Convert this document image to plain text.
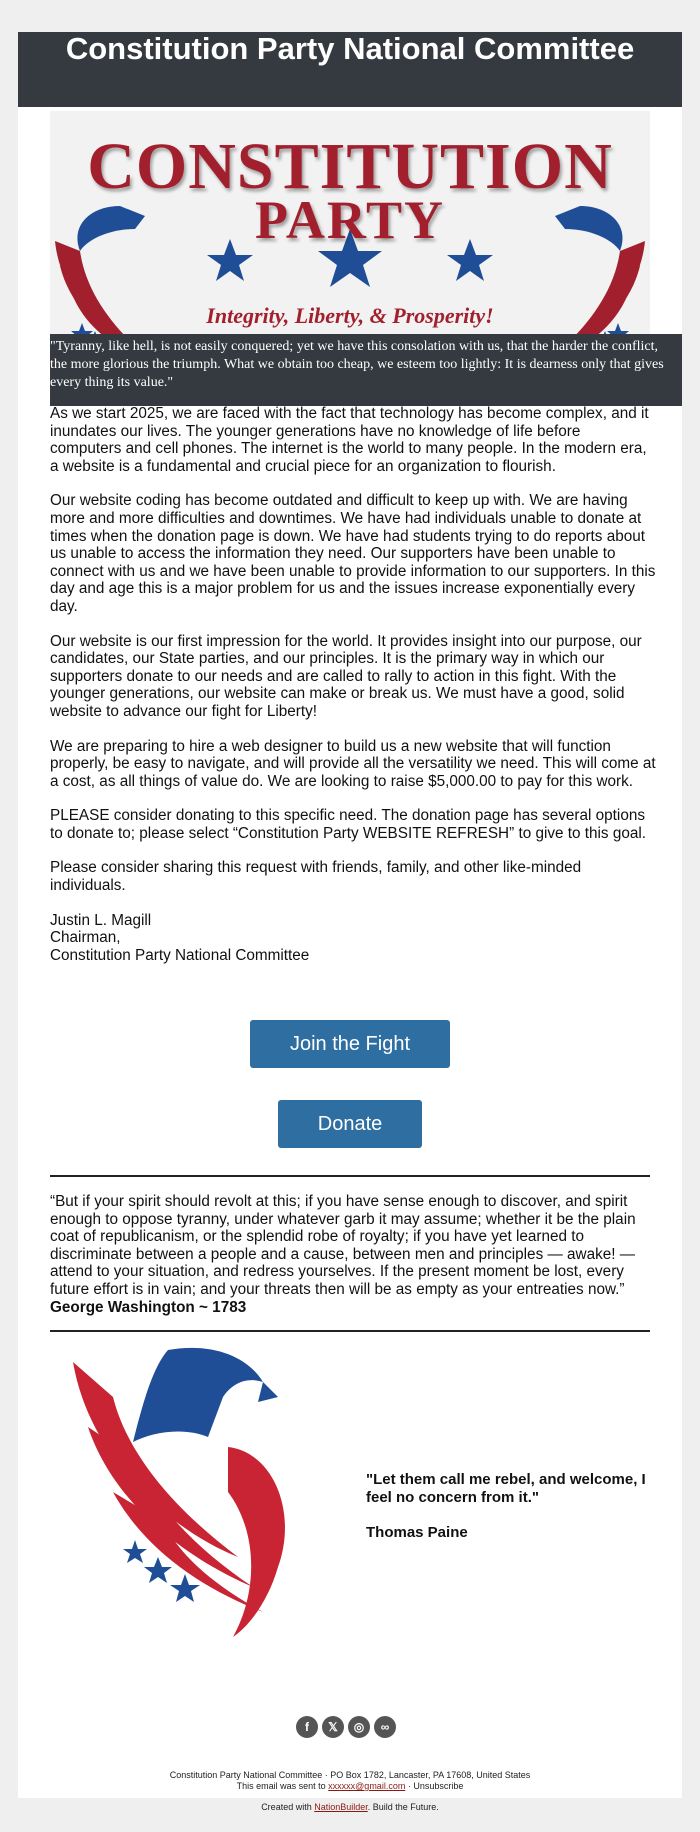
Constitution Party National Committee
CONSTITUTION
PARTY
Integrity, Liberty, & Prosperity!

"Tyranny, like hell, is not easily conquered; yet we have this consolation with us, that the harder the conflict, the more glorious the triumph. What we obtain too cheap, we esteem too lightly: It is dearness only that gives every thing its value."

As we start 2025, we are faced with the fact that technology has become complex, and it inundates our lives. The younger generations have no knowledge of life before computers and cell phones. The internet is the world to many people. In the modern era, a website is a fundamental and crucial piece for an organization to flourish.

Our website coding has become outdated and difficult to keep up with. We are having more and more difficulties and downtimes. We have had individuals unable to donate at times when the donation page is down. We have had students trying to do reports about us unable to access the information they need. Our supporters have been unable to connect with us and we have been unable to provide information to our supporters. In this day and age this is a major problem for us and the issues increase exponentially every day.

Our website is our first impression for the world. It provides insight into our purpose, our candidates, our State parties, and our principles. It is the primary way in which our supporters donate to our needs and are called to rally to action in this fight. With the younger generations, our website can make or break us. We must have a good, solid website to advance our fight for Liberty!

We are preparing to hire a web designer to build us a new website that will function properly, be easy to navigate, and will provide all the versatility we need. This will come at a cost, as all things of value do. We are looking to raise $5,000.00 to pay for this work.

PLEASE consider donating to this specific need. The donation page has several options to donate to; please select “Constitution Party WEBSITE REFRESH” to give to this goal.

Please consider sharing this request with friends, family, and other like-minded individuals.

Justin L. Magill
Chairman,
Constitution Party National Committee
Join the Fight
Donate
“But if your spirit should revolt at this; if you have sense enough to discover, and spirit enough to oppose tyranny, under whatever garb it may assume; whether it be the plain coat of republicanism, or the splendid robe of royalty; if you have yet learned to discriminate between a people and a cause, between men and principles — awake! — attend to your situation, and redress yourselves. If the present moment be lost, every future effort is in vain; and your threats then will be as empty as your entreaties now.”  George Washington ~ 1783

"Let them call me rebel, and welcome, I feel no concern from it."

Thomas Paine

f 𝕏 ◎ ∞
Constitution Party National Committee · PO Box 1782, Lancaster, PA 17608, United States
This email was sent to xxxxxx@gmail.com · Unsubscribe
Created with NationBuilder. Build the Future.
